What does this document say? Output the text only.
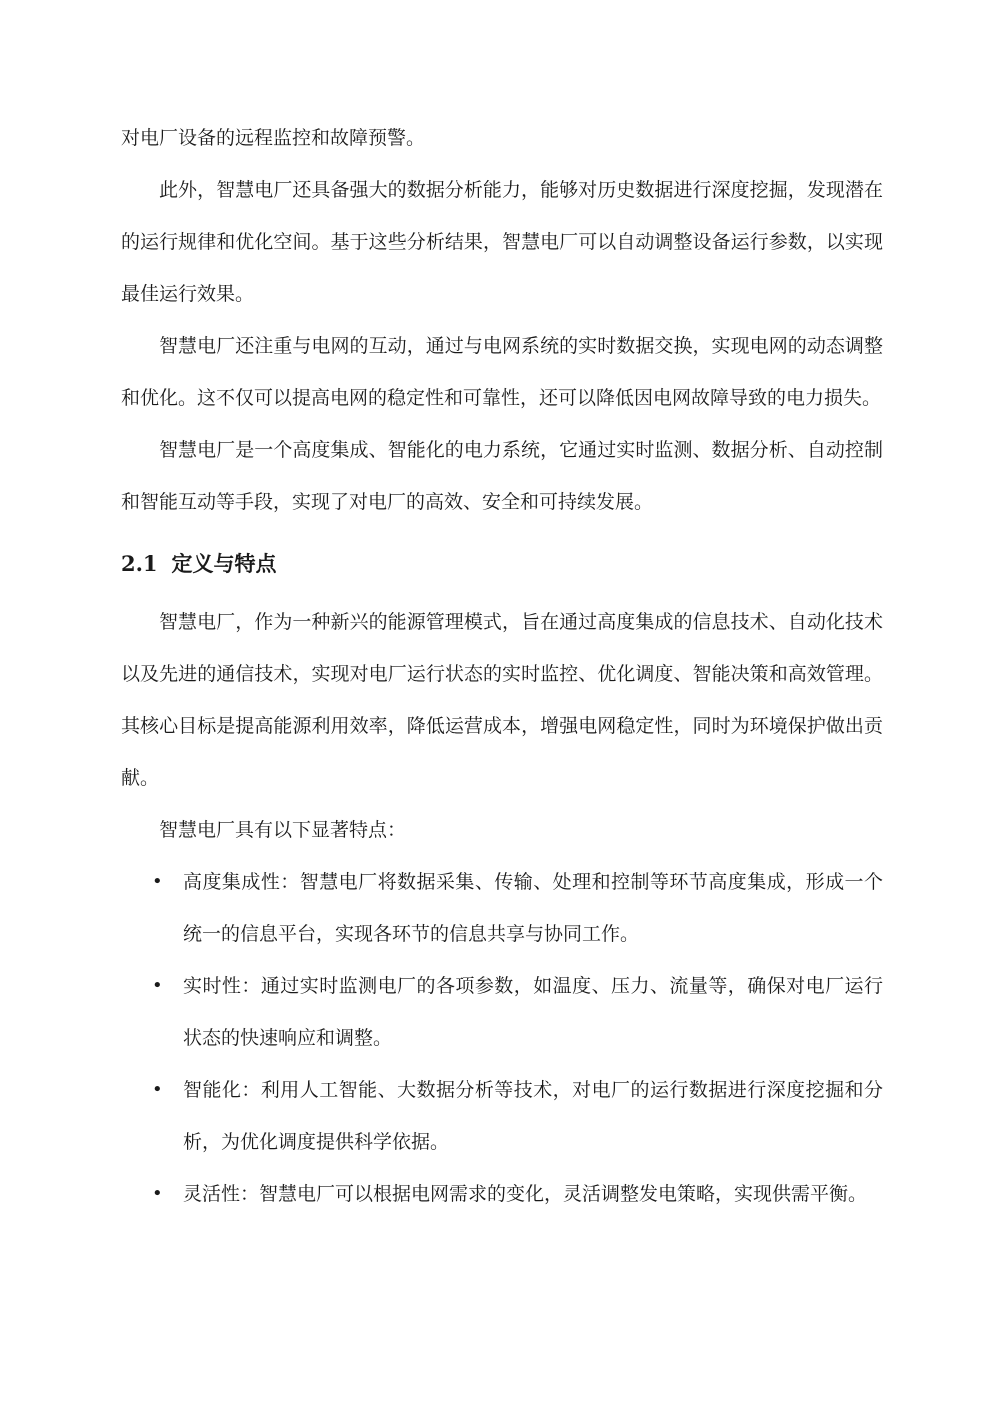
对电厂设备的远程监控和故障预警。

此外，智慧电厂还具备强大的数据分析能力，能够对历史数据进行深度挖掘，发现潜在的运行规律和优化空间。基于这些分析结果，智慧电厂可以自动调整设备运行参数，以实现最佳运行效果。

智慧电厂还注重与电网的互动，通过与电网系统的实时数据交换，实现电网的动态调整和优化。这不仅可以提高电网的稳定性和可靠性，还可以降低因电网故障导致的电力损失。

智慧电厂是一个高度集成、智能化的电力系统，它通过实时监测、数据分析、自动控制和智能互动等手段，实现了对电厂的高效、安全和可持续发展。

2.1 定义与特点

智慧电厂，作为一种新兴的能源管理模式，旨在通过高度集成的信息技术、自动化技术以及先进的通信技术，实现对电厂运行状态的实时监控、优化调度、智能决策和高效管理。其核心目标是提高能源利用效率，降低运营成本，增强电网稳定性，同时为环境保护做出贡献。

智慧电厂具有以下显著特点：

• 高度集成性：智慧电厂将数据采集、传输、处理和控制等环节高度集成，形成一个统一的信息平台，实现各环节的信息共享与协同工作。
• 实时性：通过实时监测电厂的各项参数，如温度、压力、流量等，确保对电厂运行状态的快速响应和调整。
• 智能化：利用人工智能、大数据分析等技术，对电厂的运行数据进行深度挖掘和分析，为优化调度提供科学依据。
• 灵活性：智慧电厂可以根据电网需求的变化，灵活调整发电策略，实现供需平衡。
